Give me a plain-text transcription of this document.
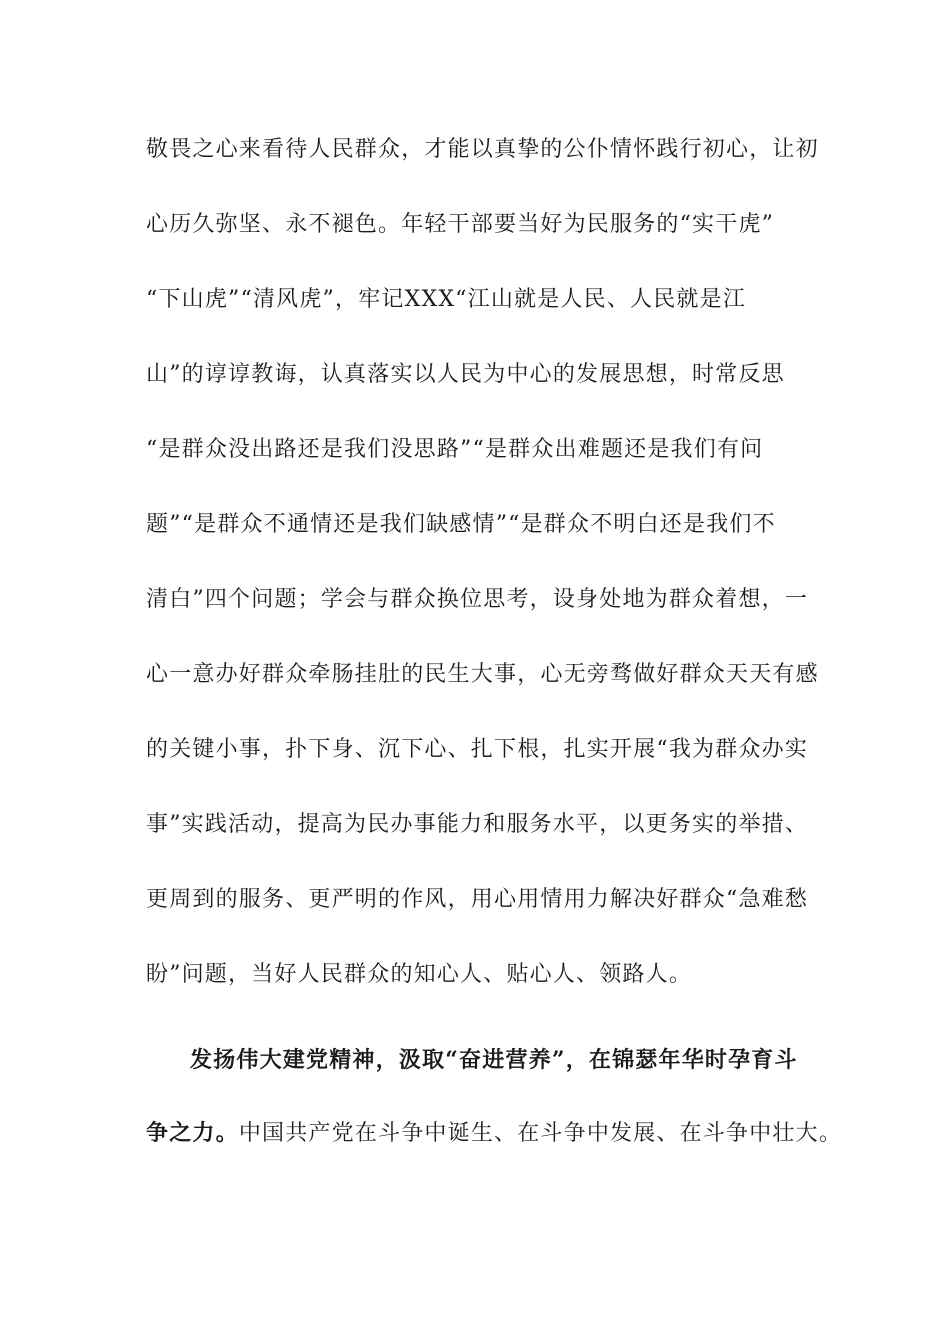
敬畏之心来看待人民群众，才能以真挚的公仆情怀践行初心，让初
心历久弥坚、永不褪色。年轻干部要当好为民服务的“实干虎”
“下山虎”“清风虎”，牢记XXX“江山就是人民、人民就是江
山”的谆谆教诲，认真落实以人民为中心的发展思想，时常反思
“是群众没出路还是我们没思路”“是群众出难题还是我们有问
题”“是群众不通情还是我们缺感情”“是群众不明白还是我们不
清白”四个问题；学会与群众换位思考，设身处地为群众着想，一
心一意办好群众牵肠挂肚的民生大事，心无旁骛做好群众天天有感
的关键小事，扑下身、沉下心、扎下根，扎实开展“我为群众办实
事”实践活动，提高为民办事能力和服务水平，以更务实的举措、
更周到的服务、更严明的作风，用心用情用力解决好群众“急难愁
盼”问题，当好人民群众的知心人、贴心人、领路人。
发扬伟大建党精神，汲取“奋进营养”，在锦瑟年华时孕育斗
争之力。中国共产党在斗争中诞生、在斗争中发展、在斗争中壮大。
